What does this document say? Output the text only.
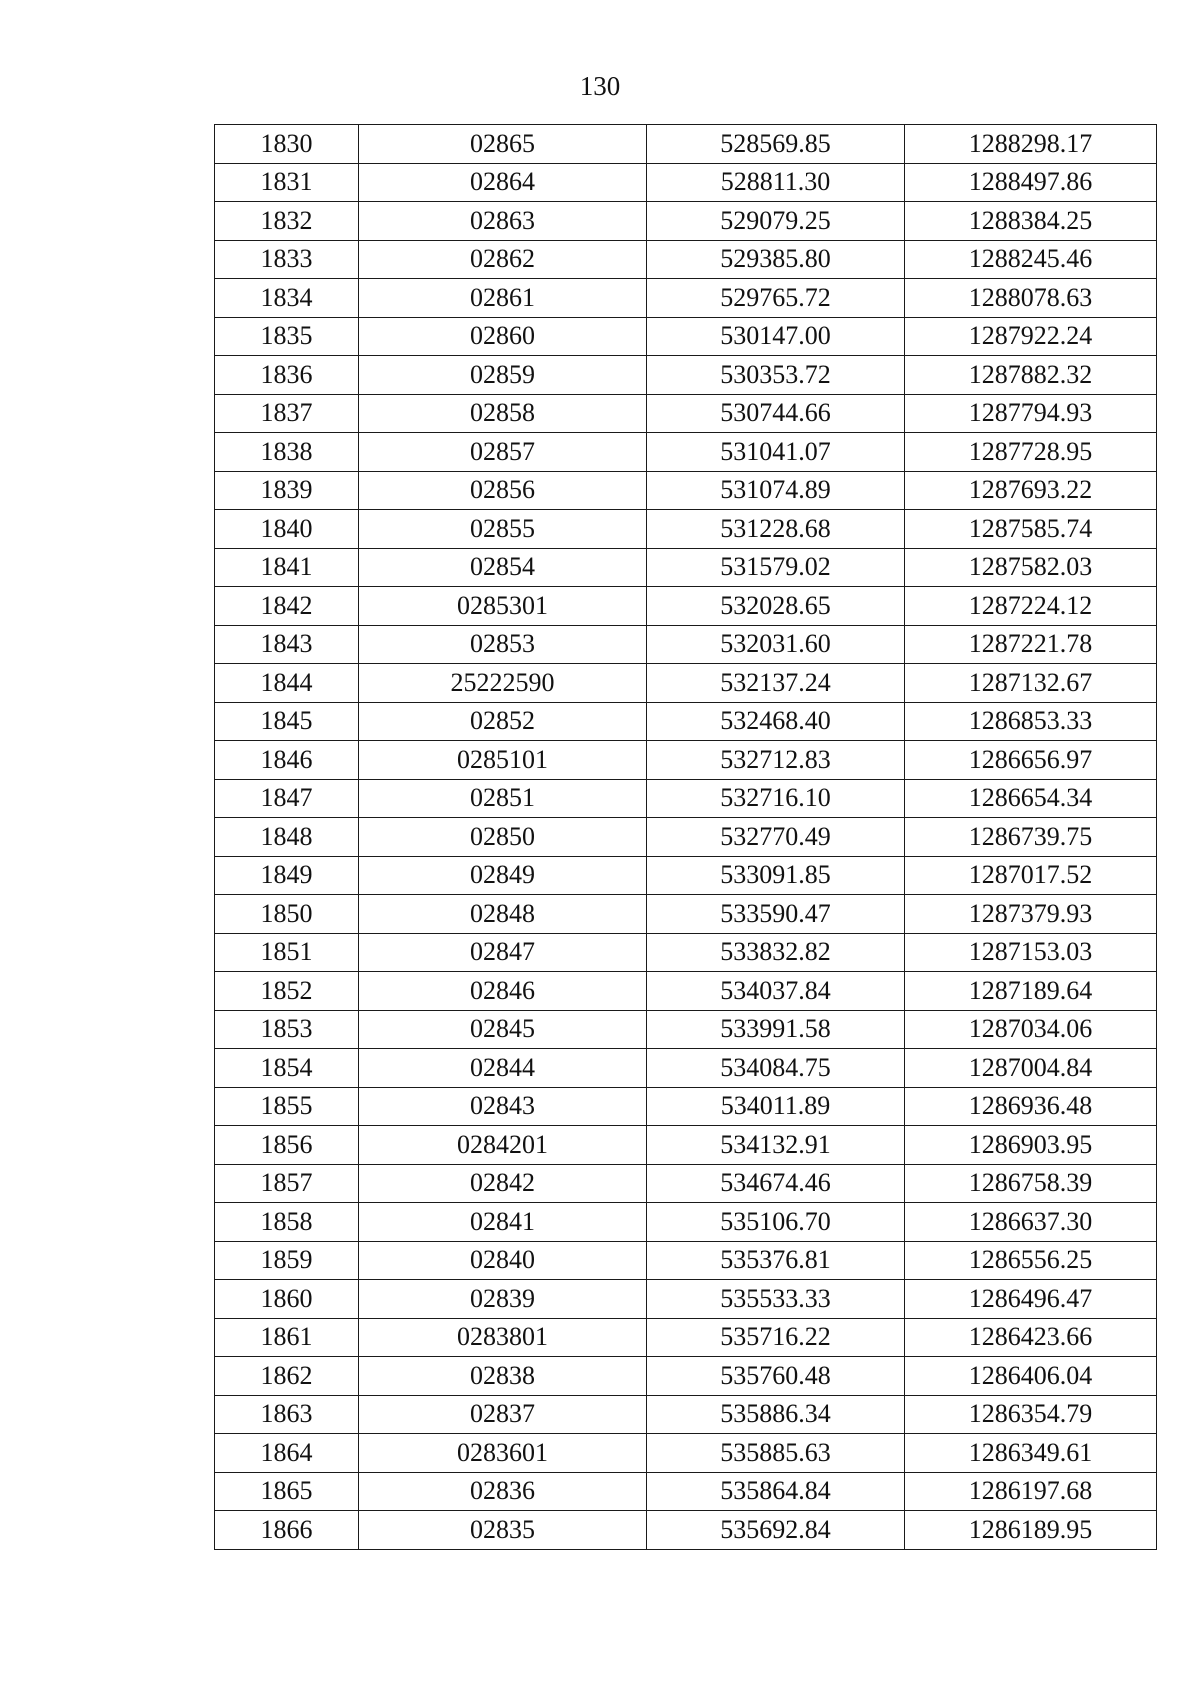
130
1830	02865	528569.85	1288298.17
1831	02864	528811.30	1288497.86
1832	02863	529079.25	1288384.25
1833	02862	529385.80	1288245.46
1834	02861	529765.72	1288078.63
1835	02860	530147.00	1287922.24
1836	02859	530353.72	1287882.32
1837	02858	530744.66	1287794.93
1838	02857	531041.07	1287728.95
1839	02856	531074.89	1287693.22
1840	02855	531228.68	1287585.74
1841	02854	531579.02	1287582.03
1842	0285301	532028.65	1287224.12
1843	02853	532031.60	1287221.78
1844	25222590	532137.24	1287132.67
1845	02852	532468.40	1286853.33
1846	0285101	532712.83	1286656.97
1847	02851	532716.10	1286654.34
1848	02850	532770.49	1286739.75
1849	02849	533091.85	1287017.52
1850	02848	533590.47	1287379.93
1851	02847	533832.82	1287153.03
1852	02846	534037.84	1287189.64
1853	02845	533991.58	1287034.06
1854	02844	534084.75	1287004.84
1855	02843	534011.89	1286936.48
1856	0284201	534132.91	1286903.95
1857	02842	534674.46	1286758.39
1858	02841	535106.70	1286637.30
1859	02840	535376.81	1286556.25
1860	02839	535533.33	1286496.47
1861	0283801	535716.22	1286423.66
1862	02838	535760.48	1286406.04
1863	02837	535886.34	1286354.79
1864	0283601	535885.63	1286349.61
1865	02836	535864.84	1286197.68
1866	02835	535692.84	1286189.95
